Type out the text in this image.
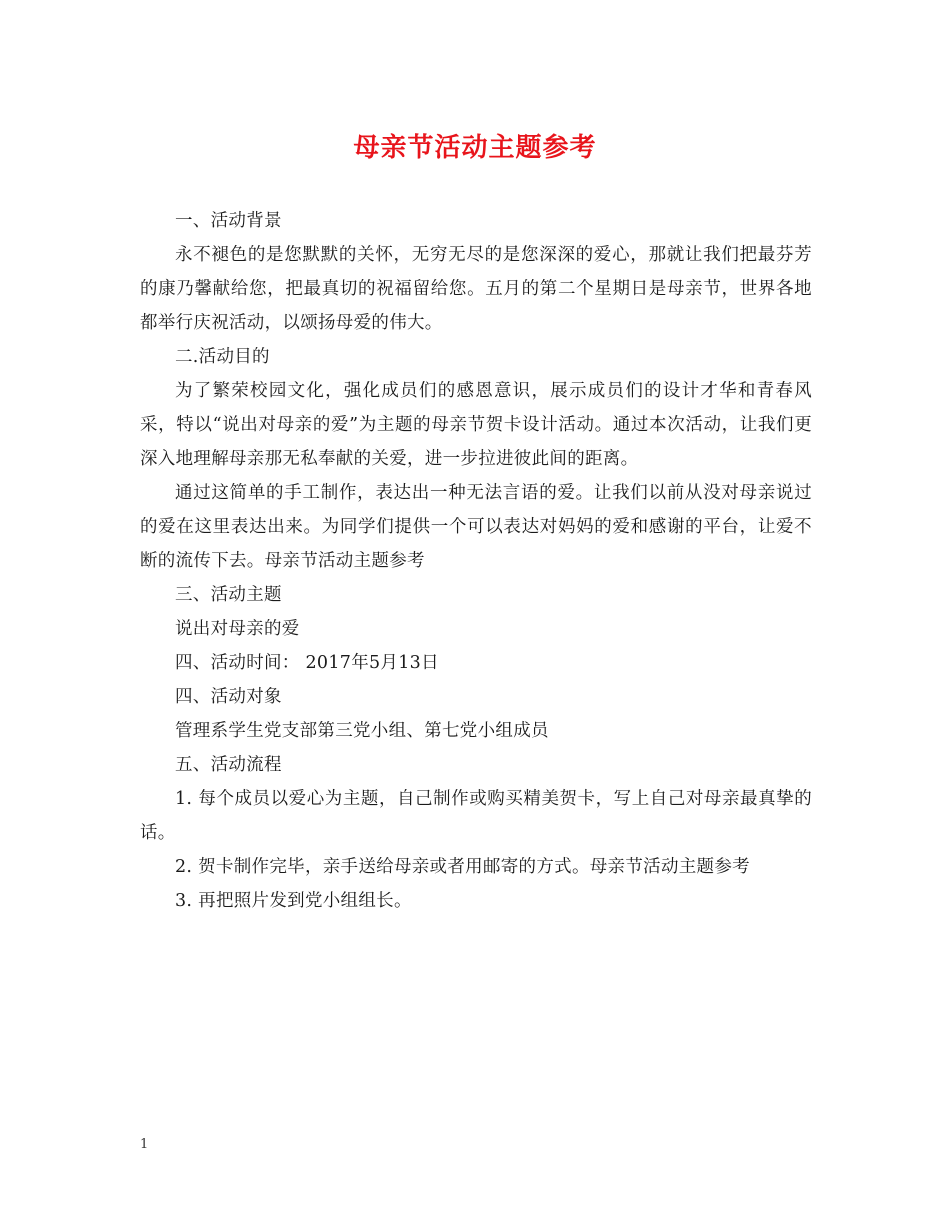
母亲节活动主题参考

一、活动背景

永不褪色的是您默默的关怀，无穷无尽的是您深深的爱心，那就让我们把最芬芳的康乃馨献给您，把最真切的祝福留给您。五月的第二个星期日是母亲节，世界各地都举行庆祝活动，以颂扬母爱的伟大。

二.活动目的

为了繁荣校园文化，强化成员们的感恩意识，展示成员们的设计才华和青春风采，特以“说出对母亲的爱”为主题的母亲节贺卡设计活动。通过本次活动，让我们更深入地理解母亲那无私奉献的关爱，进一步拉进彼此间的距离。

通过这简单的手工制作，表达出一种无法言语的爱。让我们以前从没对母亲说过的爱在这里表达出来。为同学们提供一个可以表达对妈妈的爱和感谢的平台，让爱不断的流传下去。母亲节活动主题参考

三、活动主题

说出对母亲的爱

四、活动时间： 2017年5月13日

四、活动对象

管理系学生党支部第三党小组、第七党小组成员

五、活动流程

1. 每个成员以爱心为主题，自己制作或购买精美贺卡，写上自己对母亲最真挚的话。

2. 贺卡制作完毕，亲手送给母亲或者用邮寄的方式。母亲节活动主题参考

3. 再把照片发到党小组组长。

1
